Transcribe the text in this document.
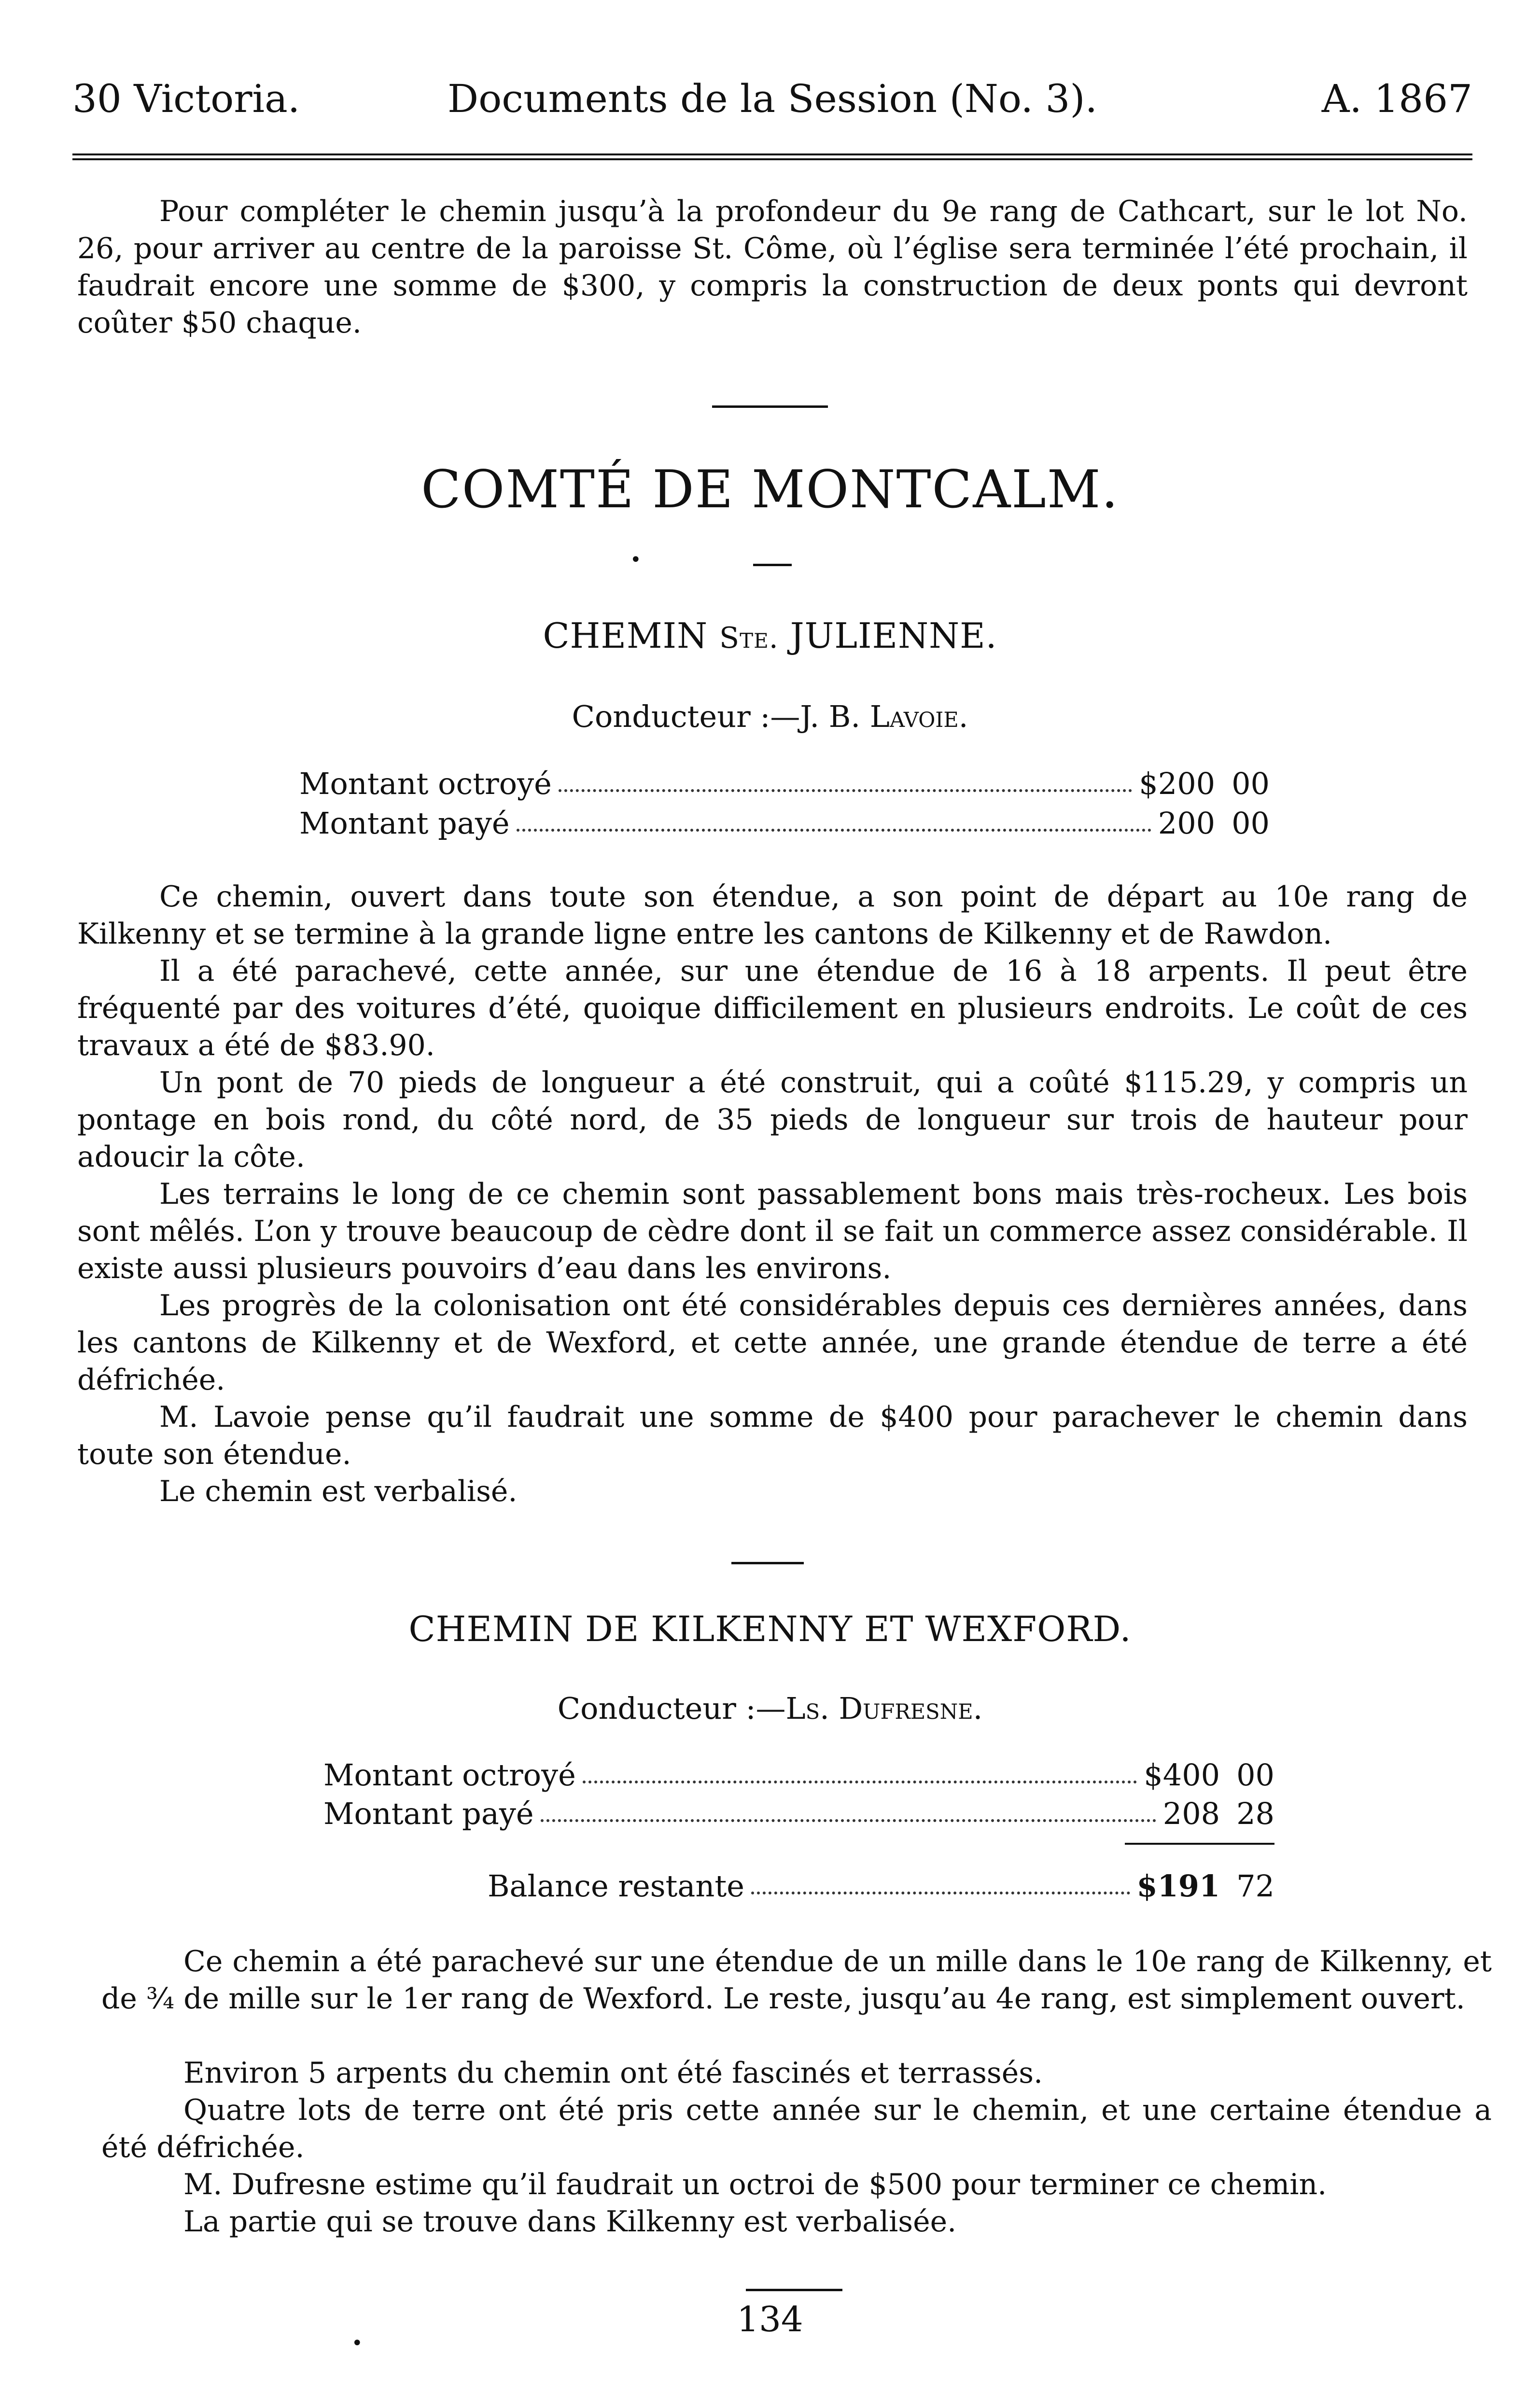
30 Victoria.	Documents de la Session (No. 3).	A. 1867

Pour compléter le chemin jusqu’à la profondeur du 9e rang de Cathcart, sur le lot No. 26, pour arriver au centre de la paroisse St. Côme, où l’église sera terminée l’été prochain, il faudrait encore une somme de $300, y compris la construction de deux ponts qui devront coûter $50 chaque.

COMTÉ DE MONTCALM.
•
CHEMIN Ste. JULIENNE.
Conducteur :—J. B. Lavoie.
Montant octroyé	$200 00
Montant payé	200 00

Ce chemin, ouvert dans toute son étendue, a son point de départ au 10e rang de Kilkenny et se termine à la grande ligne entre les cantons de Kilkenny et de Rawdon.

Il a été parachevé, cette année, sur une étendue de 16 à 18 arpents. Il peut être fréquenté par des voitures d’été, quoique difficilement en plusieurs endroits. Le coût de ces travaux a été de $83.90.

Un pont de 70 pieds de longueur a été construit, qui a coûté $115.29, y compris un pontage en bois rond, du côté nord, de 35 pieds de longueur sur trois de hauteur pour adoucir la côte.

Les terrains le long de ce chemin sont passablement bons mais très-rocheux. Les bois sont mêlés. L’on y trouve beaucoup de cèdre dont il se fait un commerce assez considérable. Il existe aussi plusieurs pouvoirs d’eau dans les environs.

Les progrès de la colonisation ont été considérables depuis ces dernières années, dans les cantons de Kilkenny et de Wexford, et cette année, une grande étendue de terre a été défrichée.

M. Lavoie pense qu’il faudrait une somme de $400 pour parachever le chemin dans toute son étendue.

Le chemin est verbalisé.

CHEMIN DE KILKENNY ET WEXFORD.
Conducteur :—Ls. Dufresne.
Montant octroyé	$400 00
Montant payé	208 28
Balance restante	$191 72

Ce chemin a été parachevé sur une étendue de un mille dans le 10e rang de Kilkenny, et de ¾ de mille sur le 1er rang de Wexford. Le reste, jusqu’au 4e rang, est simplement ouvert.

Environ 5 arpents du chemin ont été fascinés et terrassés.

Quatre lots de terre ont été pris cette année sur le chemin, et une certaine étendue a été défrichée.

M. Dufresne estime qu’il faudrait un octroi de $500 pour terminer ce chemin.

La partie qui se trouve dans Kilkenny est verbalisée.

134
•
